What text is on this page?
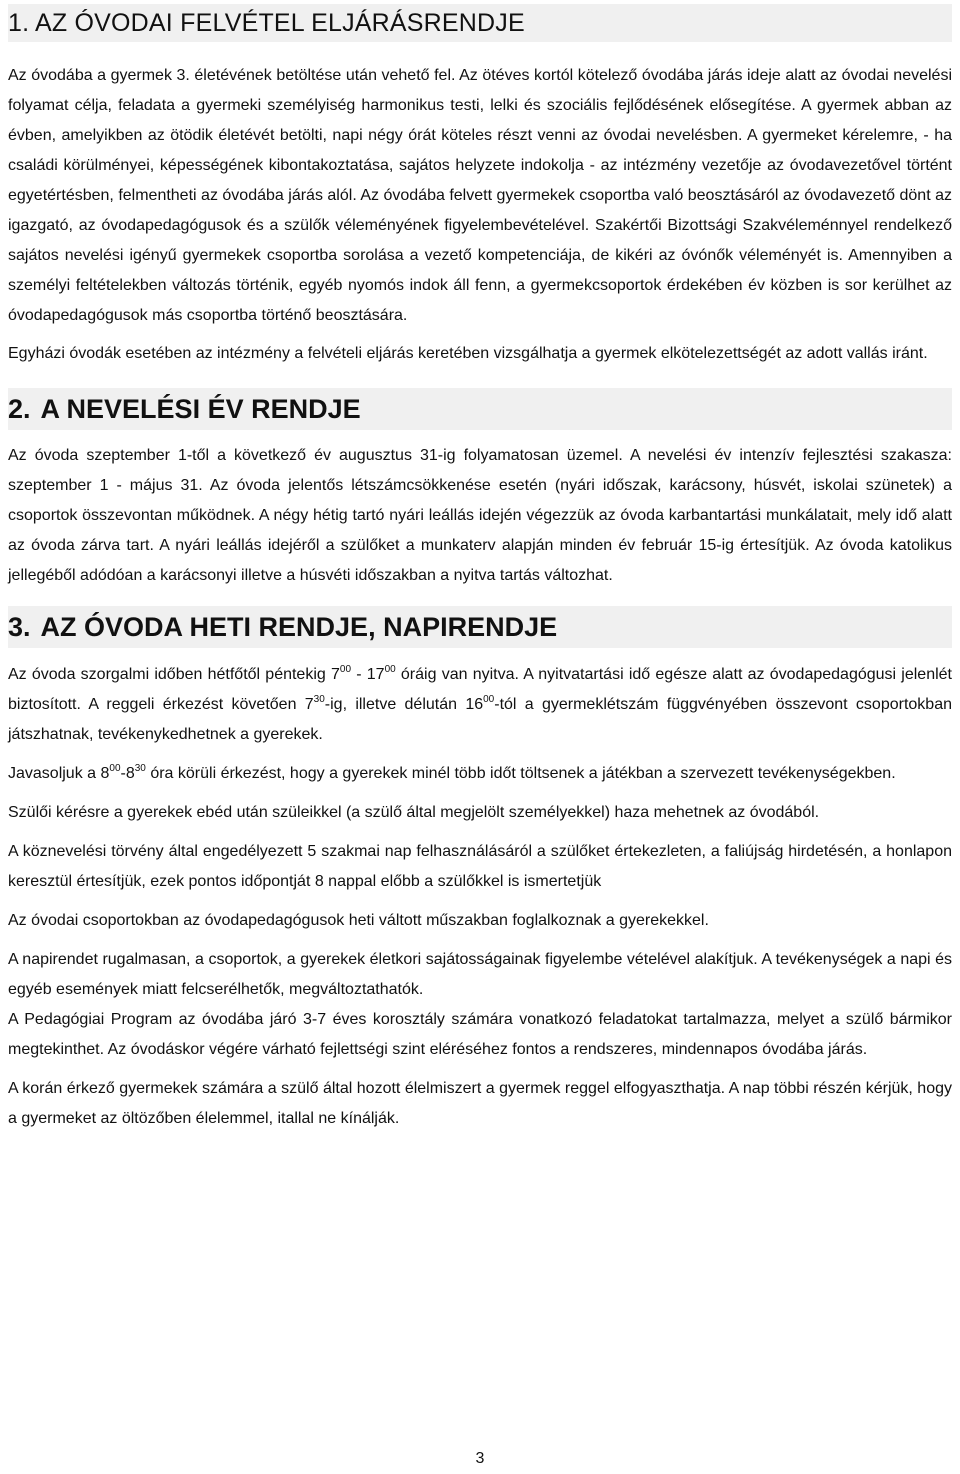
1. AZ ÓVODAI FELVÉTEL ELJÁRÁSRENDJE

Az óvodába a gyermek 3. életévének betöltése után vehető fel. Az ötéves kortól kötelező óvodába járás ideje alatt az óvodai nevelési folyamat célja, feladata a gyermeki személyiség harmonikus testi, lelki és szociális fejlődésének elősegítése. A gyermek abban az évben, amelyikben az ötödik életévét betölti, napi négy órát köteles részt venni az óvodai nevelésben. A gyermeket kérelemre, - ha családi körülményei, képességének kibontakoztatása, sajátos helyzete indokolja - az intézmény vezetője az óvodavezetővel történt egyetértésben, felmentheti az óvodába járás alól. Az óvodába felvett gyermekek csoportba való beosztásáról az óvodavezető dönt az igazgató, az óvodapedagógusok és a szülők véleményének figyelembevételével. Szakértői Bizottsági Szakvéleménnyel rendelkező sajátos nevelési igényű gyermekek csoportba sorolása a vezető kompetenciája, de kikéri az óvónők véleményét is. Amennyiben a személyi feltételekben változás történik, egyéb nyomós indok áll fenn, a gyermekcsoportok érdekében év közben is sor kerülhet az óvodapedagógusok más csoportba történő beosztására.

Egyházi óvodák esetében az intézmény a felvételi eljárás keretében vizsgálhatja a gyermek elkötelezettségét az adott vallás iránt.

2. A NEVELÉSI ÉV RENDJE

Az óvoda szeptember 1-től a következő év augusztus 31-ig folyamatosan üzemel. A nevelési év intenzív fejlesztési szakasza: szeptember 1 - május 31. Az óvoda jelentős létszámcsökkenése esetén (nyári időszak, karácsony, húsvét, iskolai szünetek) a csoportok összevontan működnek. A négy hétig tartó nyári leállás idején végezzük az óvoda karbantartási munkálatait, mely idő alatt az óvoda zárva tart. A nyári leállás idejéről a szülőket a munkaterv alapján minden év február 15-ig értesítjük. Az óvoda katolikus jellegéből adódóan a karácsonyi illetve a húsvéti időszakban a nyitva tartás változhat.

3. AZ ÓVODA HETI RENDJE, NAPIRENDJE

Az óvoda szorgalmi időben hétfőtől péntekig $7^{00} - 17^{00}$ óráig van nyitva. A nyitvatartási idő egésze alatt az óvodapedagógusi jelenlét biztosított. A reggeli érkezést követően $7^{30}-ig$, illetve délután $16^{00}$-tól a gyermeklétszám függvényében összevont csoportokban játszhatnak, tevékenykedhetnek a gyerekek.

Javasoljuk a $8^{00}-8^{30}$ óra körüli érkezést, hogy a gyerekek minél több időt töltsenek a játékban a szervezett tevékenységekben.

Szülői kérésre a gyerekek ebéd után szüleikkel (a szülő által megjelölt személyekkel) haza mehetnek az óvodából.

A köznevelési törvény által engedélyezett 5 szakmai nap felhasználásáról a szülőket értekezleten, a faliújság hirdetésén, a honlapon keresztül értesítjük, ezek pontos időpontját 8 nappal előbb a szülőkkel is ismertetjük

Az óvodai csoportokban az óvodapedagógusok heti váltott műszakban foglalkoznak a gyerekekkel.

A napirendet rugalmasan, a csoportok, a gyerekek életkori sajátosságainak figyelembe vételével alakítjuk. A tevékenységek a napi és egyéb események miatt felcserélhetők, megváltoztathatók.

A Pedagógiai Program az óvodába járó 3-7 éves korosztály számára vonatkozó feladatokat tartalmazza, melyet a szülő bármikor megtekinthet. Az óvodáskor végére várható fejlettségi szint eléréséhez fontos a rendszeres, mindennapos óvodába járás.

A korán érkező gyermekek számára a szülő által hozott élelmiszert a gyermek reggel elfogyaszthatja. A nap többi részén kérjük, hogy a gyermeket az öltözőben élelemmel, itallal ne kínálják.

3
